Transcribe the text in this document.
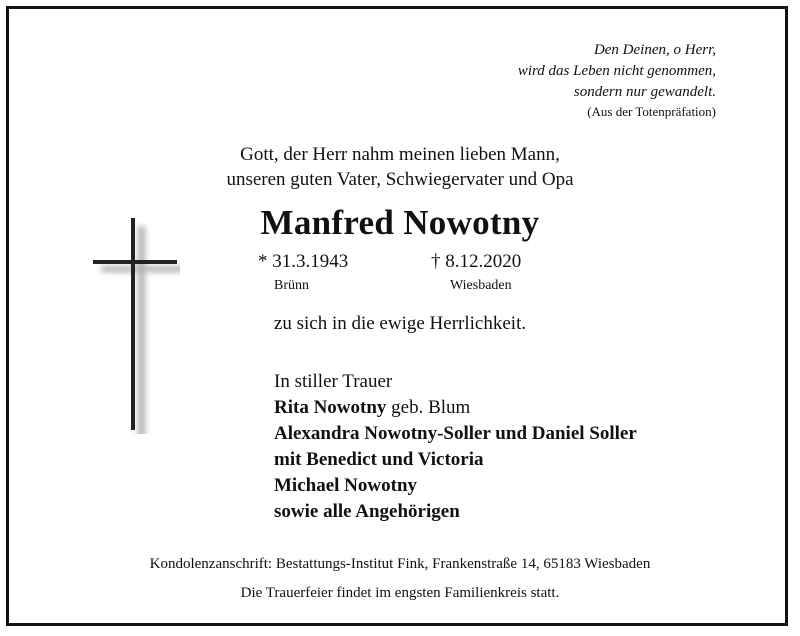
Den Deinen, o Herr,
wird das Leben nicht genommen,
sondern nur gewandelt.
(Aus der Totenpräfation)
Gott, der Herr nahm meinen lieben Mann,
unseren guten Vater, Schwiegervater und Opa
Manfred Nowotny
* 31.3.1943	† 8.12.2020
Brünn	Wiesbaden
zu sich in die ewige Herrlichkeit.
In stiller Trauer
Rita Nowotny geb. Blum
Alexandra Nowotny-Soller und Daniel Soller
mit Benedict und Victoria
Michael Nowotny
sowie alle Angehörigen
Kondolenzanschrift: Bestattungs-Institut Fink, Frankenstraße 14, 65183 Wiesbaden
Die Trauerfeier findet im engsten Familienkreis statt.
